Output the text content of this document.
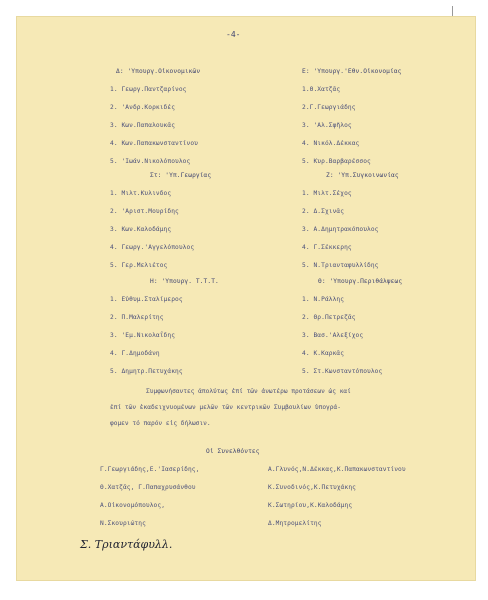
-4-
Δ: 'Υπουργ.Οἰκονομικῶν
1. Γεωργ.Παντζαρίνος
2. 'Ανδρ.Κορκιδές
3. Κων.Παπαλουκᾶς
4. Κων.Παπακωνσταντίνου
5. 'Ιωάν.Νικολόπουλος
Στ: 'Υπ.Γεωργίας
1. Μιλτ.Κυλινδος
2. 'Αριστ.Μουρίδης
3. Κων.Καλοδάμης
4. Γεωργ.'Αγγελόπουλος
5. Γερ.Μελιέτος
Η: 'Υπουργ. Τ.Τ.Τ.
1. Εὐθυμ.Σταλίμερος
2. Π.Μαλερίτης
3. 'Εμ.Νικολαΐδης
4. Γ.Δημοδάνη
5. Δημητρ.Πετυχάκης
Ε: 'Υπουργ.'Εθν.Οἰκονομίας
1.Θ.Χατζᾶς
2.Γ.Γεωργιάδης
3. 'Αλ.Σφῆλος
4. Νικόλ.Δέκκας
5. Κυρ.Βαρβαρέσσος
Ζ: 'Υπ.Συγκοινωνίας
1. Μιλτ.Σέχος
2. Δ.Σχινᾶς
3. Α.Δημητρακόπουλος
4. Γ.Σέκκερης
5. Ν.Τριανταφυλλίδης
Θ: 'Υπουργ.Περιθάλψεως
1. Ν.Ράλλης
2. Θρ.Πετρεζᾶς
3. Βασ.'Αλεξίχος
4. Κ.Καρκᾶς
5. Στ.Κωνσταντόπουλος
Συμφωνήσαντες ἀπολύτως ἐπί τῶν ἀνωτέρω προτάσεων ὡς καί
ἐπί τῶν ἐκαδειχνυομένων μελῶν τῶν κεντρικῶν Συμβουλίων ὑπογρά-
φομεν τό παρόν εἰς δήλωσιν.
Οἱ Συνελθόντες
Γ.Γεωργιάδης,Ε.'Ιασερίδης,
Θ.Χατζᾶς, Γ.Παπαχρυσάνθου
Α.Οἰκονομόπουλος,
Ν.Σκουριώτης
Α.Γλυνός,Ν.Δέκκας,Κ.Παπακωνσταντίνου
Κ.Συνοδινός,Κ.Πετυχάκης
Κ.Σωτηρίου,Κ.Καλοδάμης
Δ.Μητρομελίτης
Σ. Τριαντάφυλλ.
